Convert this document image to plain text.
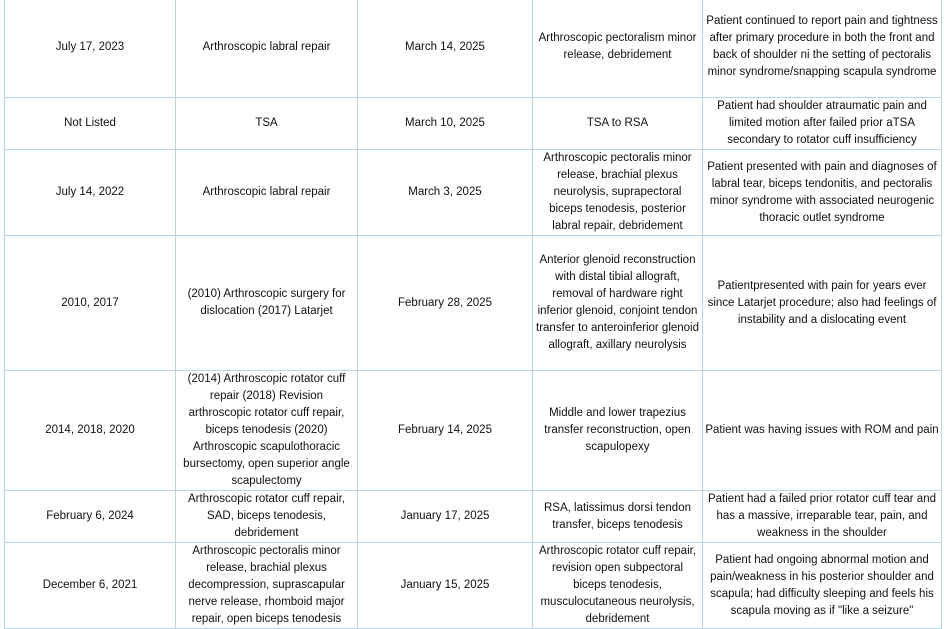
July 17, 2023	Arthroscopic labral repair	March 14, 2025	Arthroscopic pectoralism minor release, debridement	Patient continued to report pain and tightness after primary procedure in both the front and back of shoulder ni the setting of pectoralis minor syndrome/snapping scapula syndrome
Not Listed	TSA	March 10, 2025	TSA to RSA	Patient had shoulder atraumatic pain and limited motion after failed prior aTSA secondary to rotator cuff insufficiency
July 14, 2022	Arthroscopic labral repair	March 3, 2025	Arthroscopic pectoralis minor release, brachial plexus neurolysis, suprapectoral biceps tenodesis, posterior labral repair, debridement	Patient presented with pain and diagnoses of labral tear, biceps tendonitis, and pectoralis minor syndrome with associated neurogenic thoracic outlet syndrome
2010, 2017	(2010) Arthroscopic surgery for dislocation (2017) Latarjet	February 28, 2025	Anterior glenoid reconstruction with distal tibial allograft, removal of hardware right inferior glenoid, conjoint tendon transfer to anteroinferior glenoid allograft, axillary neurolysis	Patientpresented with pain for years ever since Latarjet procedure; also had feelings of instability and a dislocating event
2014, 2018, 2020	(2014) Arthroscopic rotator cuff repair (2018) Revision arthroscopic rotator cuff repair, biceps tenodesis (2020) Arthroscopic scapulothoracic bursectomy, open superior angle scapulectomy	February 14, 2025	Middle and lower trapezius transfer reconstruction, open scapulopexy	Patient was having issues with ROM and pain
February 6, 2024	Arthroscopic rotator cuff repair, SAD, biceps tenodesis, debridement	January 17, 2025	RSA, latissimus dorsi tendon transfer, biceps tenodesis	Patient had a failed prior rotator cuff tear and has a massive, irreparable tear, pain, and weakness in the shoulder
December 6, 2021	Arthroscopic pectoralis minor release, brachial plexus decompression, suprascapular nerve release, rhomboid major repair, open biceps tenodesis	January 15, 2025	Arthroscopic rotator cuff repair, revision open subpectoral biceps tenodesis, musculocutaneous neurolysis, debridement	Patient had ongoing abnormal motion and pain/weakness in his posterior shoulder and scapula; had difficulty sleeping and feels his scapula moving as if "like a seizure"
